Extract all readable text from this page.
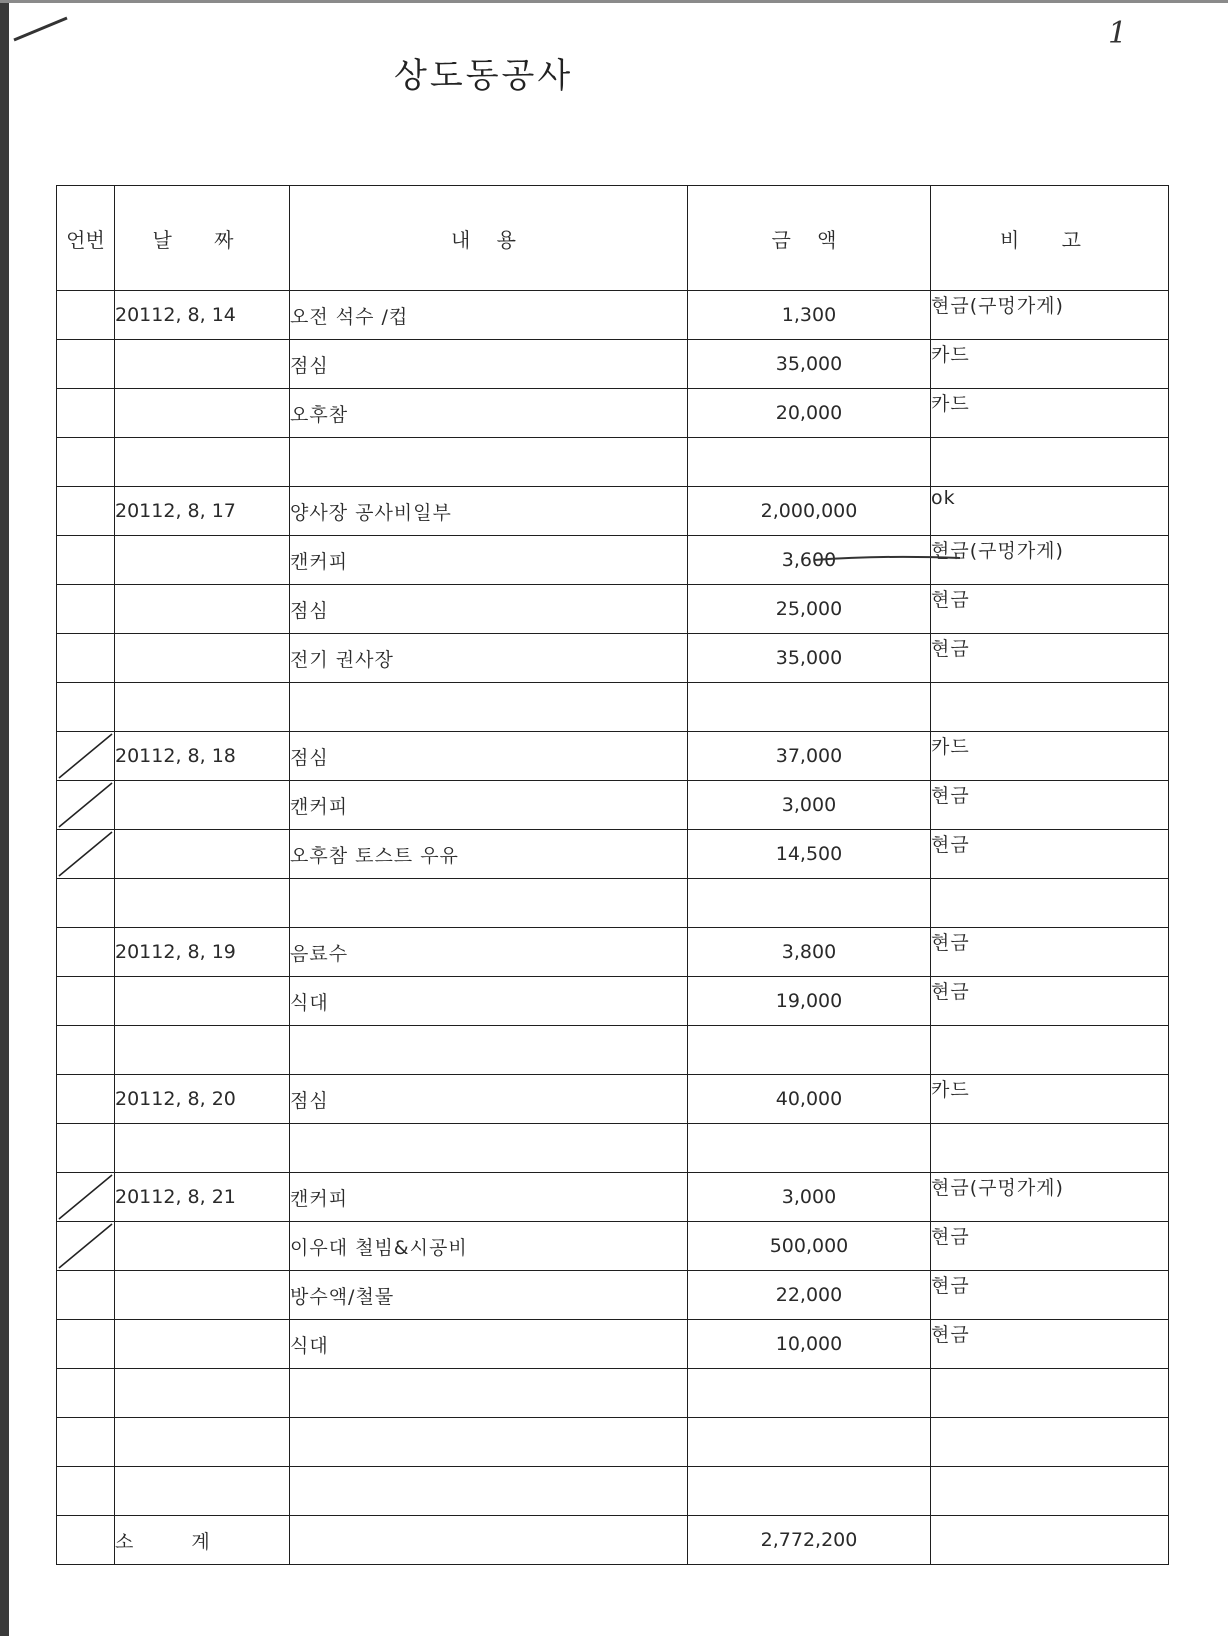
1
상도동공사
언번	날 짜	내 용	금 액	비 고
	20112, 8, 14	오전 석수 /컵	1,300	현금(구멍가게)
		점심	35,000	카드
		오후참	20,000	카드

	20112, 8, 17	양사장 공사비일부	2,000,000	ok
		캔커피	3,600	현금(구멍가게)
		점심	25,000	현금
		전기 권사장	35,000	현금

	20112, 8, 18	점심	37,000	카드

		캔커피	3,000	현금

		오후참 토스트 우유	14,500	현금

	20112, 8, 19	음료수	3,800	현금
		식대	19,000	현금

	20112, 8, 20	점심	40,000	카드

	20112, 8, 21	캔커피	3,000	현금(구멍가게)

		이우대 철빔&시공비	500,000	현금
		방수액/철물	22,000	현금
		식대	10,000	현금

	소 계		2,772,200	
